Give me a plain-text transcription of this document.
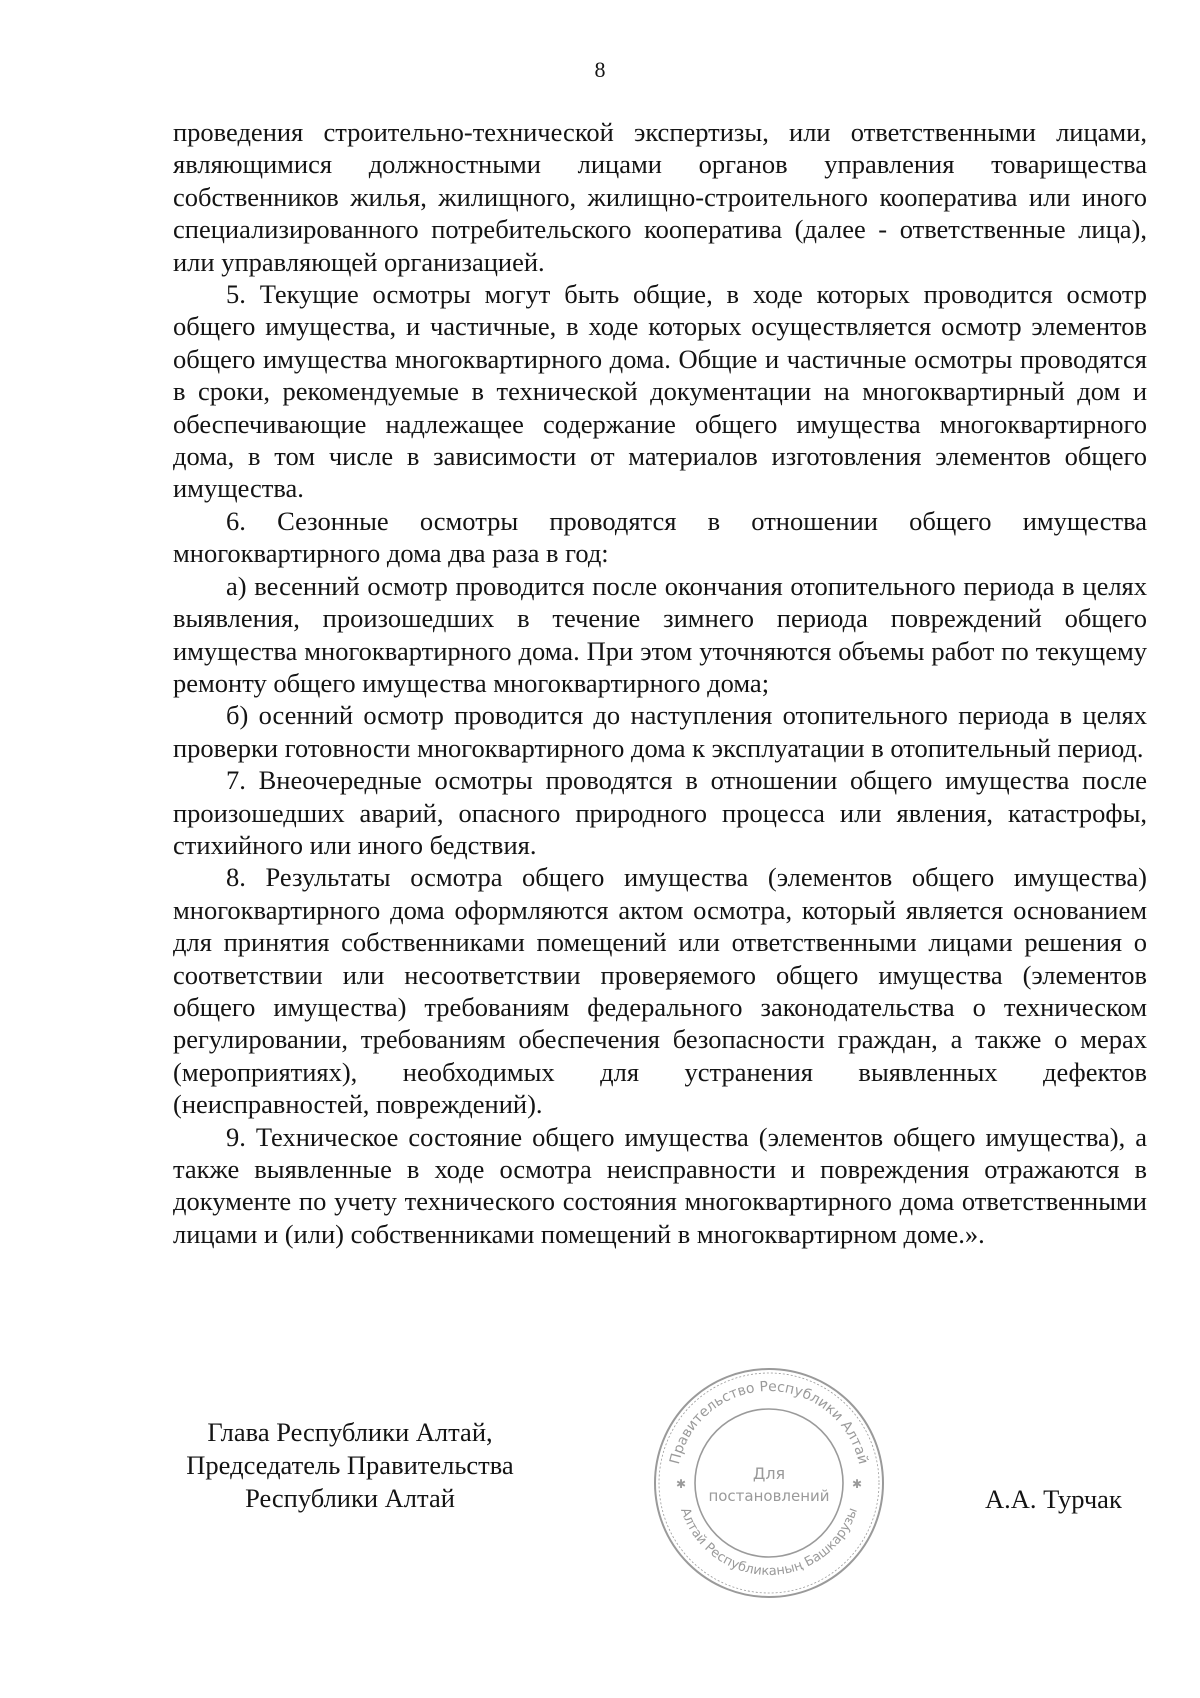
8

проведения строительно-технической экспертизы, или ответственными лицами, являющимися должностными лицами органов управления товарищества собственников жилья, жилищного, жилищно-строительного кооператива или иного специализированного потребительского кооператива (далее - ответственные лица), или управляющей организацией.

5. Текущие осмотры могут быть общие, в ходе которых проводится осмотр общего имущества, и частичные, в ходе которых осуществляется осмотр элементов общего имущества многоквартирного дома. Общие и частичные осмотры проводятся в сроки, рекомендуемые в технической документации на многоквартирный дом и обеспечивающие надлежащее содержание общего имущества многоквартирного дома, в том числе в зависимости от материалов изготовления элементов общего имущества.

6. Сезонные осмотры проводятся в отношении общего имущества многоквартирного дома два раза в год:

а) весенний осмотр проводится после окончания отопительного периода в целях выявления, произошедших в течение зимнего периода повреждений общего имущества многоквартирного дома. При этом уточняются объемы работ по текущему ремонту общего имущества многоквартирного дома;

б) осенний осмотр проводится до наступления отопительного периода в целях проверки готовности многоквартирного дома к эксплуатации в отопительный период.

7. Внеочередные осмотры проводятся в отношении общего имущества после произошедших аварий, опасного природного процесса или явления, катастрофы, стихийного или иного бедствия.

8. Результаты осмотра общего имущества (элементов общего имущества) многоквартирного дома оформляются актом осмотра, который является основанием для принятия собственниками помещений или ответственными лицами решения о соответствии или несоответствии проверяемого общего имущества (элементов общего имущества) требованиям федерального законодательства о техническом регулировании, требованиям обеспечения безопасности граждан, а также о мерах (мероприятиях), необходимых для устранения выявленных дефектов (неисправностей, повреждений).

9. Техническое состояние общего имущества (элементов общего имущества), а также выявленные в ходе осмотра неисправности и повреждения отражаются в документе по учету технического состояния многоквартирного дома ответственными лицами и (или) собственниками помещений в многоквартирном доме.».

Глава Республики Алтай,
Председатель Правительства
Республики Алтай	А.А. Турчак
Правительство Республики Алтай
Алтай Республиканың Башкарузы
✱	✱
Для
постановлений
